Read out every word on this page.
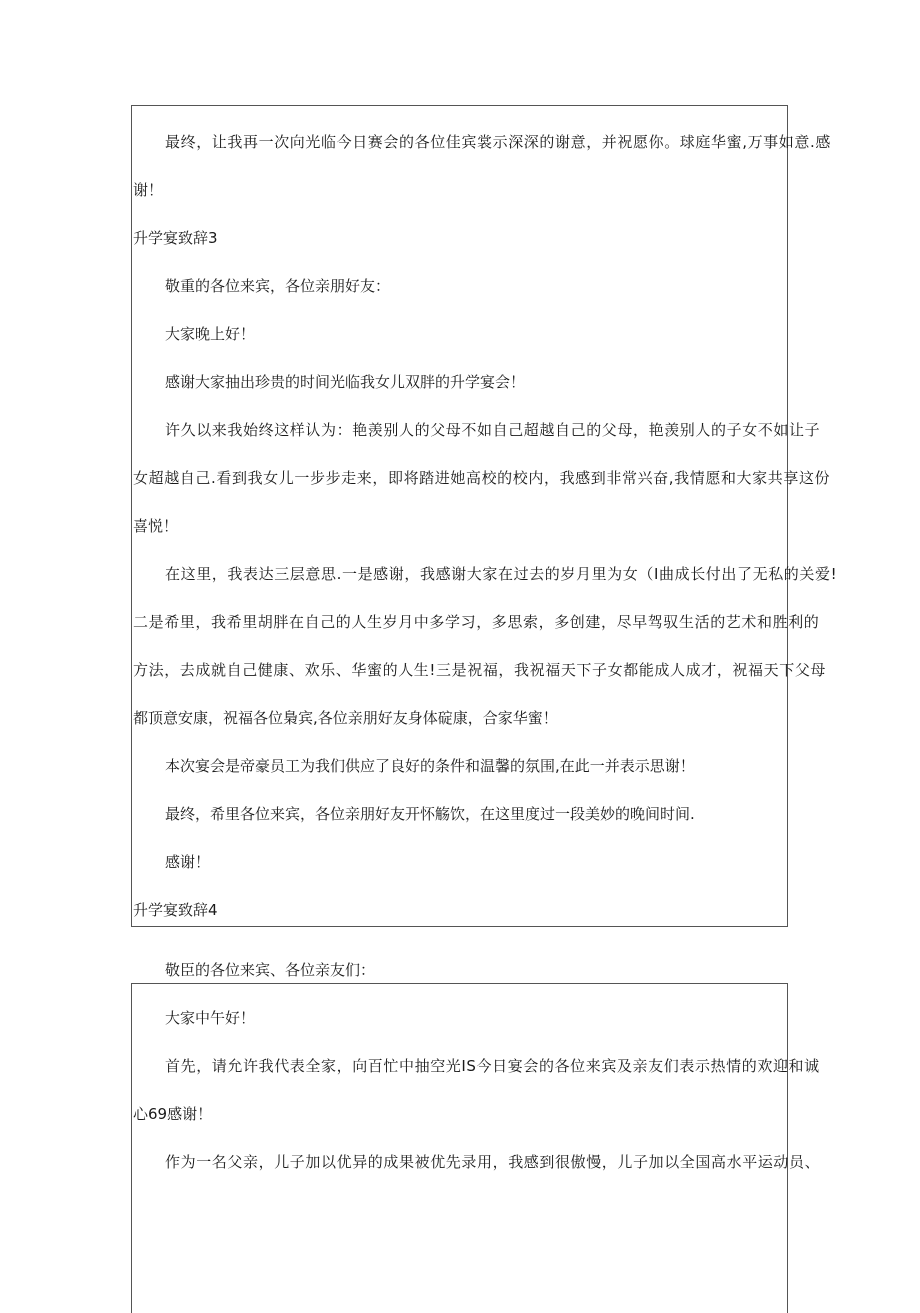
最终，让我再一次向光临今日赛会的各位佳宾裳示深深的谢意，并祝愿你。球庭华蜜,万事如意.感
谢！
升学宴致辞3
敬重的各位来宾，各位亲朋好友：
大家晚上好！
感谢大家抽出珍贵的时间光临我女儿双胖的升学宴会！
许久以来我始终这样认为：艳羡别人的父母不如自己超越自己的父母，艳羡别人的子女不如让子
女超越自己.看到我女儿一步步走来，即将踏进她高校的校内，我感到非常兴奋,我情愿和大家共享这份
喜悦！
在这里，我表达三层意思.一是感谢，我感谢大家在过去的岁月里为女（I曲成长付出了无私的关爱!
二是希里，我希里胡胖在自己的人生岁月中多学习，多思索，多创建，尽早驾驭生活的艺术和胜利的
方法，去成就自己健康、欢乐、华蜜的人生!三是祝福，我祝福天下子女都能成人成才，祝福天下父母
都顶意安康，祝福各位梟宾,各位亲朋好友身体碇康，合家华蜜！
本次宴会是帝豪员工为我们供应了良好的条件和温馨的氛围,在此一并表示思谢！
最终，希里各位来宾，各位亲朋好友开怀觞饮，在这里度过一段美妙的晚间时间.
感谢！
升学宴致辞4
敬臣的各位来宾、各位亲友们：
大家中午好！
首先，请允许我代表全家，向百忙中抽空光IS今日宴会的各位来宾及亲友们表示热情的欢迎和诚
心69感谢！
作为一名父亲，儿子加以优异的成果被优先录用，我感到很傲慢，儿子加以全国高水平运动员、
